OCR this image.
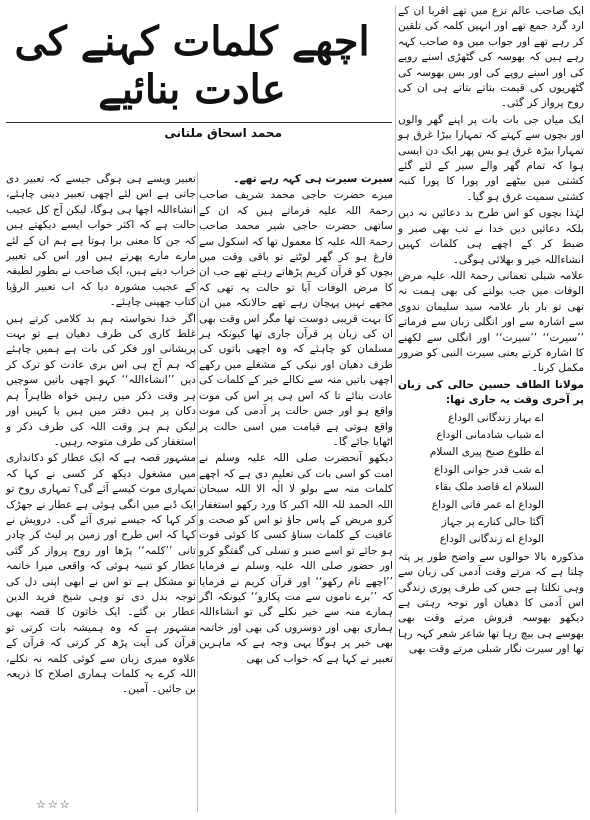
اچھے کلمات کہنے کی عادت بنائیے
محمد اسحاق ملتانی

ایک صاحب عالم نزع میں تھے اقربا ان کے ارد گرد جمع تھے اور انہیں کلمہ کی تلقین کر رہے تھے اور جواب میں وہ صاحب کہہ رہے ہیں کہ بھوسہ کی گٹھڑی اسنے روپے کی اور اسنے روپے کی اور بس بھوسہ کی گٹھریوں کی قیمت بتاتے بتاتے ہی ان کی روح پرواز کر گئی۔

ایک میاں جی بات بات پر اپنے گھر والوں اور بچوں سے کہتے کہ تمہارا بیڑا غرق ہو تمہارا بیڑہ غرق ہو بس پھر ایک دن ایسی ہوا کہ تمام گھر والے سیر کے لئے گئے کشتی میں بیٹھے اور پورا کا پورا کنبہ کشتی سمیت غرق ہو گیا۔

لہٰذا بچوں کو اس طرح بد دعائیں نہ دیں بلکہ دعائیں دیں خدا نے تب بھی صبر و ضبط کر کے اچھے ہی کلمات کہیں انشاءاللہ خیر و بھلائی ہوگی۔

علامہ شبلی نعمانی رحمۃ اللہ علیہ مرض الوفات میں جب بولنے کی بھی ہمت نہ تھی تو بار بار علامہ سید سلیمان ندوی سے اشارہ سے اور انگلی زبان سے فرماتے ’’سیرت‘‘ ’’سیرت‘‘ اور انگلی سے لکھنے کا اشارہ کرتے یعنی سیرت النبی کو ضرور مکمل کرنا۔

مولانا الطاف حسین حالی کی زبان پر آخری وقت یہ جاری تھا:

اے بہار زندگانی الوداع
اے شباب شادمانی الوداع
اے طلوع صبح پیری السلام
اے شب قدر جوانی الوداع
السلام اے قاصد ملک بقاء
الوداع اے عمر فانی الوداع
آگئا حالی کنارے پر جہاز
الوداع اے زندگانی الوداع

مذکورہ بالا حوالوں سے واضح طور پر پتہ چلتا ہے کہ مرتے وقت آدمی کی زبان سے وہی نکلتا ہے جس کی طرف پوری زندگی اس آدمی کا دھیان اور توجہ رہتی ہے دیکھو بھوسہ فروش مرتے وقت بھی بھوسے ہی بیچ رہا تھا شاعر شعر کہہ رہا تھا اور سیرت نگار شبلی مرتے وقت بھی

سیرت سیرت ہی کہہ رہے تھے۔

میرے حضرت حاجی محمد شریف صاحب رحمۃ اللہ علیہ فرماتے ہیں کہ ان کے ساتھی حضرت حاجی شیر محمد صاحب رحمۃ اللہ علیہ کا معمول تھا کہ اسکول سے فارغ ہو کر گھر لوٹتے تو باقی وقت میں بچوں کو قرآن کریم پڑھاتے رہتے تھے جب ان کا مرض الوفات آیا تو حالت یہ تھی کہ مجھے نہیں پہچان رہے تھے حالانکہ میں ان کا بہت قریبی دوست تھا مگر اس وقت بھی ان کی زبان پر قرآن جاری تھا کیونکہ ہر مسلمان کو چاہئے کہ وہ اچھی باتوں کی طرف دھیان اور نیکی کے مشغلے میں رکھے اچھی باتیں منہ سے نکالے خیر کے کلمات کی عادت بنائے تا کہ اس ہی پر اس کی موت واقع ہو اور جس حالت پر آدمی کی موت واقع ہوتی ہے قیامت میں اسی حالت پر اٹھایا جائے گا۔

دیکھو آنحضرت صلی اللہ علیہ وسلم نے امت کو اسی بات کی تعلیم دی ہے کہ اچھے کلمات منہ سے بولو لا الٰہ الا اللہ سبحان اللہ الحمد للہ اللہ اکبر کا ورد رکھو استغفار کرو مریض کے پاس جاؤ تو اس کو صحت و عافیت کے کلمات سناؤ کسی کا کوئی فوت ہو جائے تو اسے صبر و تسلی کی گفتگو کرو اور حضور صلی اللہ علیہ وسلم نے فرمایا ’’اچھے نام رکھو‘‘ اور قرآن کریم نے فرمایا کہ ’’برے ناموں سے مت پکارو‘‘ کیونکہ اگر ہمارے منہ سے خیر نکلے گی تو انشاءاللہ ہماری بھی اور دوسروں کی بھی اور خاتمہ بھی خیر پر ہوگا یہی وجہ ہے کہ ماہرین تعبیر نے کہا ہے کہ خواب کی بھی

تعبیر ویسے ہی ہوگی جیسے کہ تعبیر دی جاتی ہے اس لئے اچھی تعبیر دینی چاہئے، انشاءاللہ اچھا ہی ہوگا، لیکن آج کل عجیب حالت ہے کہ اکثر خواب ایسے دیکھتے ہیں کہ جن کا معنی برا ہوتا ہے ہم ان کے لئے مارے مارے پھرتے ہیں اور اس کی تعبیر خراب دیتے ہیں، ایک صاحب نے بطور لطیفہ کے عجیب مشورہ دیا کہ اب تعبیر الرؤیا کتاب چھپنی چاہئے۔

اگر خدا نخواستہ ہم بد کلامی کرتے ہیں غلط کاری کی طرف دھیان ہے تو بہت پریشانی اور فکر کی بات ہے ہمیں چاہئے کہ ہم آج ہی اس بری عادت کو ترک کر دیں ’’انشاءاللہ‘‘ کہو اچھی باتیں سوچیں ہر وقت ذکر میں رہیں خواہ ظاہراً ہم دکان پر ہیں دفتر میں ہیں یا کہیں اور لیکن ہم ہر وقت اللہ کی طرف ذکر و استغفار کی طرف متوجہ رہیں۔

مشہور قصہ ہے کہ ایک عطار کو دکانداری میں مشغول دیکھ کر کسی نے کہا کہ تمہاری موت کیسے آئے گی؟ تمہاری روح تو ایک ڈبے میں انگی ہوئی ہے عطار نے جھڑک کر کہا کہ جیسے تیری آئے گی۔ درویش نے کہا کہ اس طرح اور زمین پر لیٹ کر چادر تانی ’’کلمہ‘‘ پڑھا اور روح پرواز کر گئی عطار کو تنبیہ ہوئی کہ واقعی میرا خاتمہ تو مشکل ہے تو اس نے ابھی اپنی دل کی توجہ بدل دی تو وہی شیخ فرید الدین عطار بن گئے۔ ایک خاتون کا قصہ بھی مشہور ہے کہ وہ ہمیشہ بات کرتی تو قرآن کی آیت پڑھ کر کرتی کہ قرآن کے علاوہ میری زبان سے کوئی کلمہ نہ نکلے، اللہ کرے یہ کلمات ہماری اصلاح کا ذریعہ بن جائیں۔ آمین۔

☆☆☆
